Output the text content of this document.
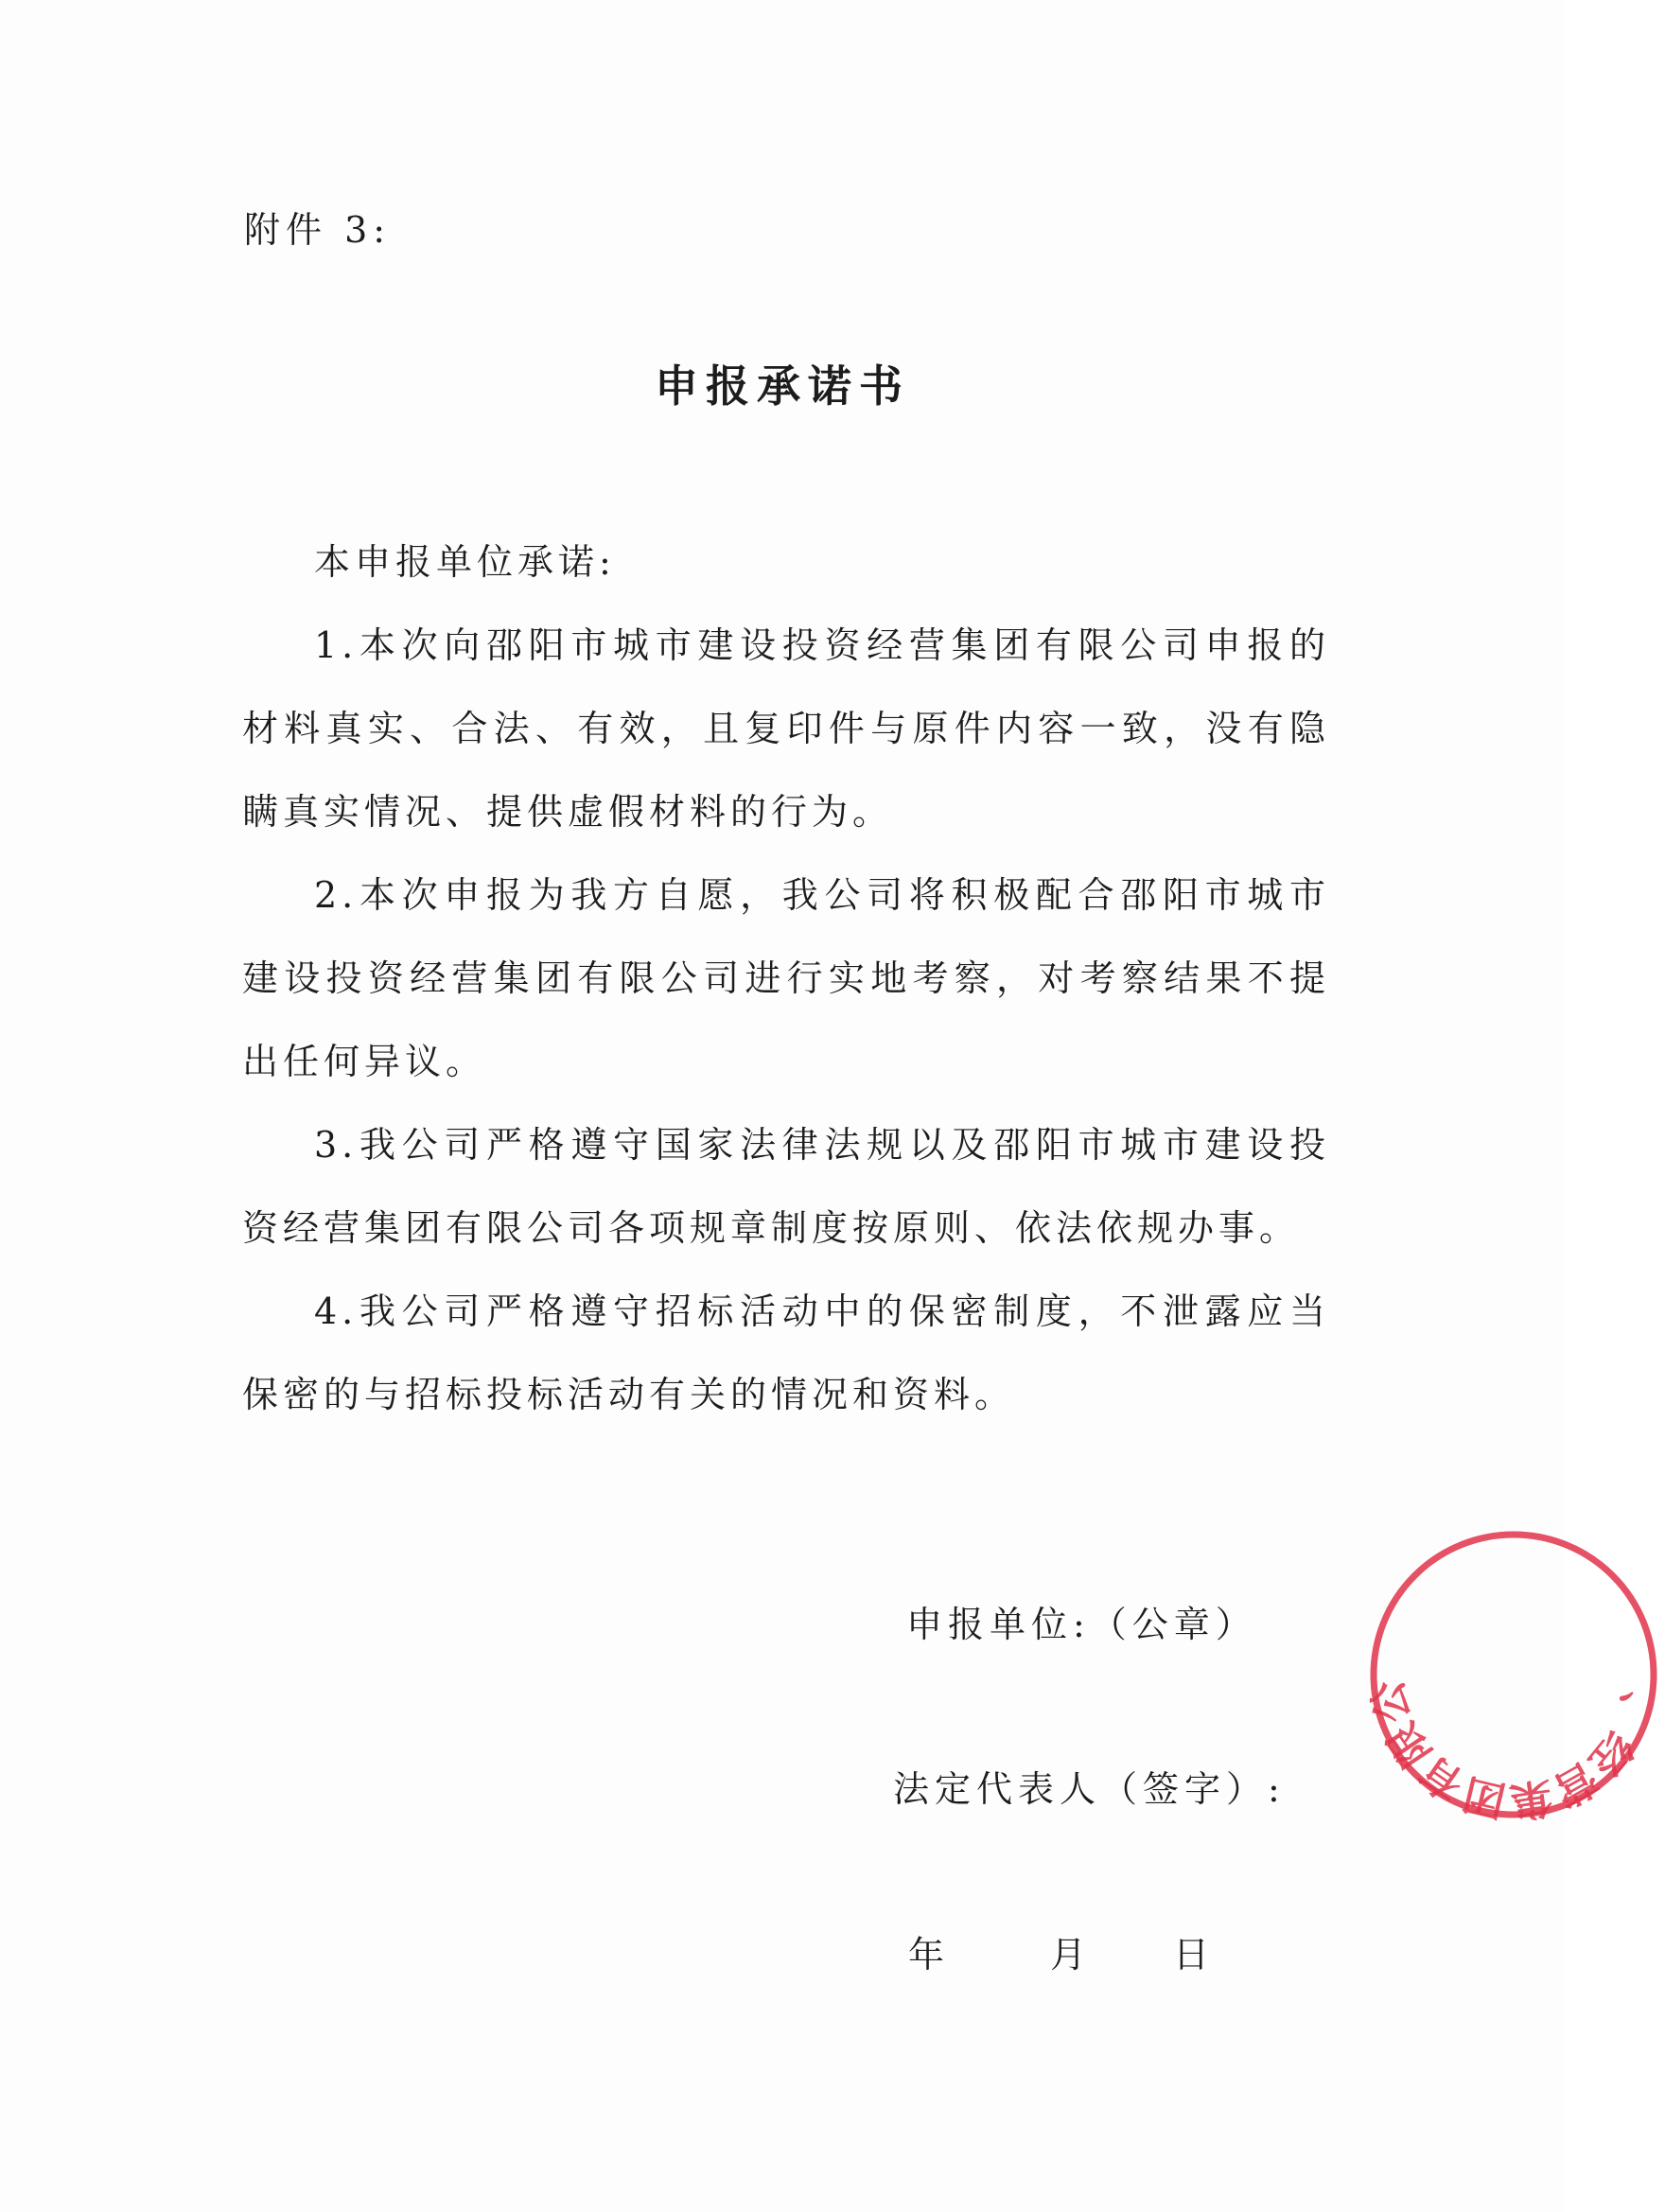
附件 3:
申报承诺书

本申报单位承诺:

1.本次向邵阳市城市建设投资经营集团有限公司申报的材料真实、合法、有效，且复印件与原件内容一致，没有隐瞒真实情况、提供虚假材料的行为。

2.本次申报为我方自愿，我公司将积极配合邵阳市城市建设投资经营集团有限公司进行实地考察，对考察结果不提出任何异议。

3.我公司严格遵守国家法律法规以及邵阳市城市建设投资经营集团有限公司各项规章制度按原则、依法依规办事。

4.我公司严格遵守招标活动中的保密制度，不泄露应当保密的与招标投标活动有关的情况和资料。

申报单位:（公章）
法定代表人（签字）:
年	月 日
、经营集团有限公
